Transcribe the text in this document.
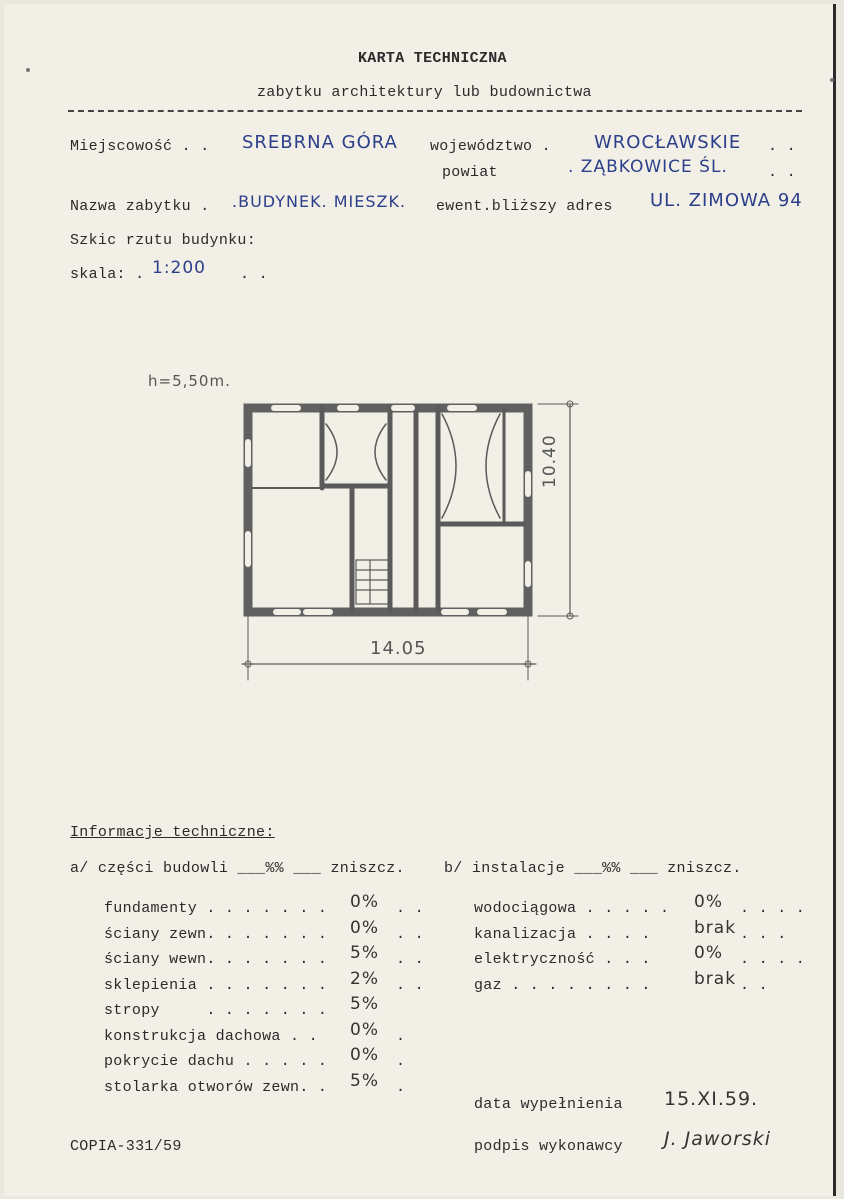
KARTA TECHNICZNA
zabytku architektury lub budownictwa
Miejscowość . . SREBRNA GÓRA województwo . WROCŁAWSKIE . .
powiat	. ZĄBKOWICE ŚL.	. .
Nazwa zabytku . .BUDYNEK. MIESZK. ewent.bliższy adres UL. ZIMOWA 94
Szkic rzutu budynku:
skala: . 1:200 . .
h=5,50m.
10.40
14.05
Informacje techniczne:
a/ części budowli ___%% ___ zniszcz.	b/ instalacje ___%% ___ zniszcz.
fundamenty . . . . . . . 0% . .
ściany zewn. . . . . . . 0% . .
ściany wewn. . . . . . . 5% . .
sklepienia . . . . . . . 2% . .
stropy     . . . . . . . 5%
konstrukcja dachowa . . 0% .
pokrycie dachu . . . . . 0% .
stolarka otworów zewn. . 5% .
wodociągowa . . . . . 0% . . . .
kanalizacja . . . .	brak . . .
elektryczność . . .	0% . . . .
gaz . . . . . . . .	brak . .
data wypełnienia 15.XI.59.
COPIA-331/59	podpis wykonawcy J. Jaworski
